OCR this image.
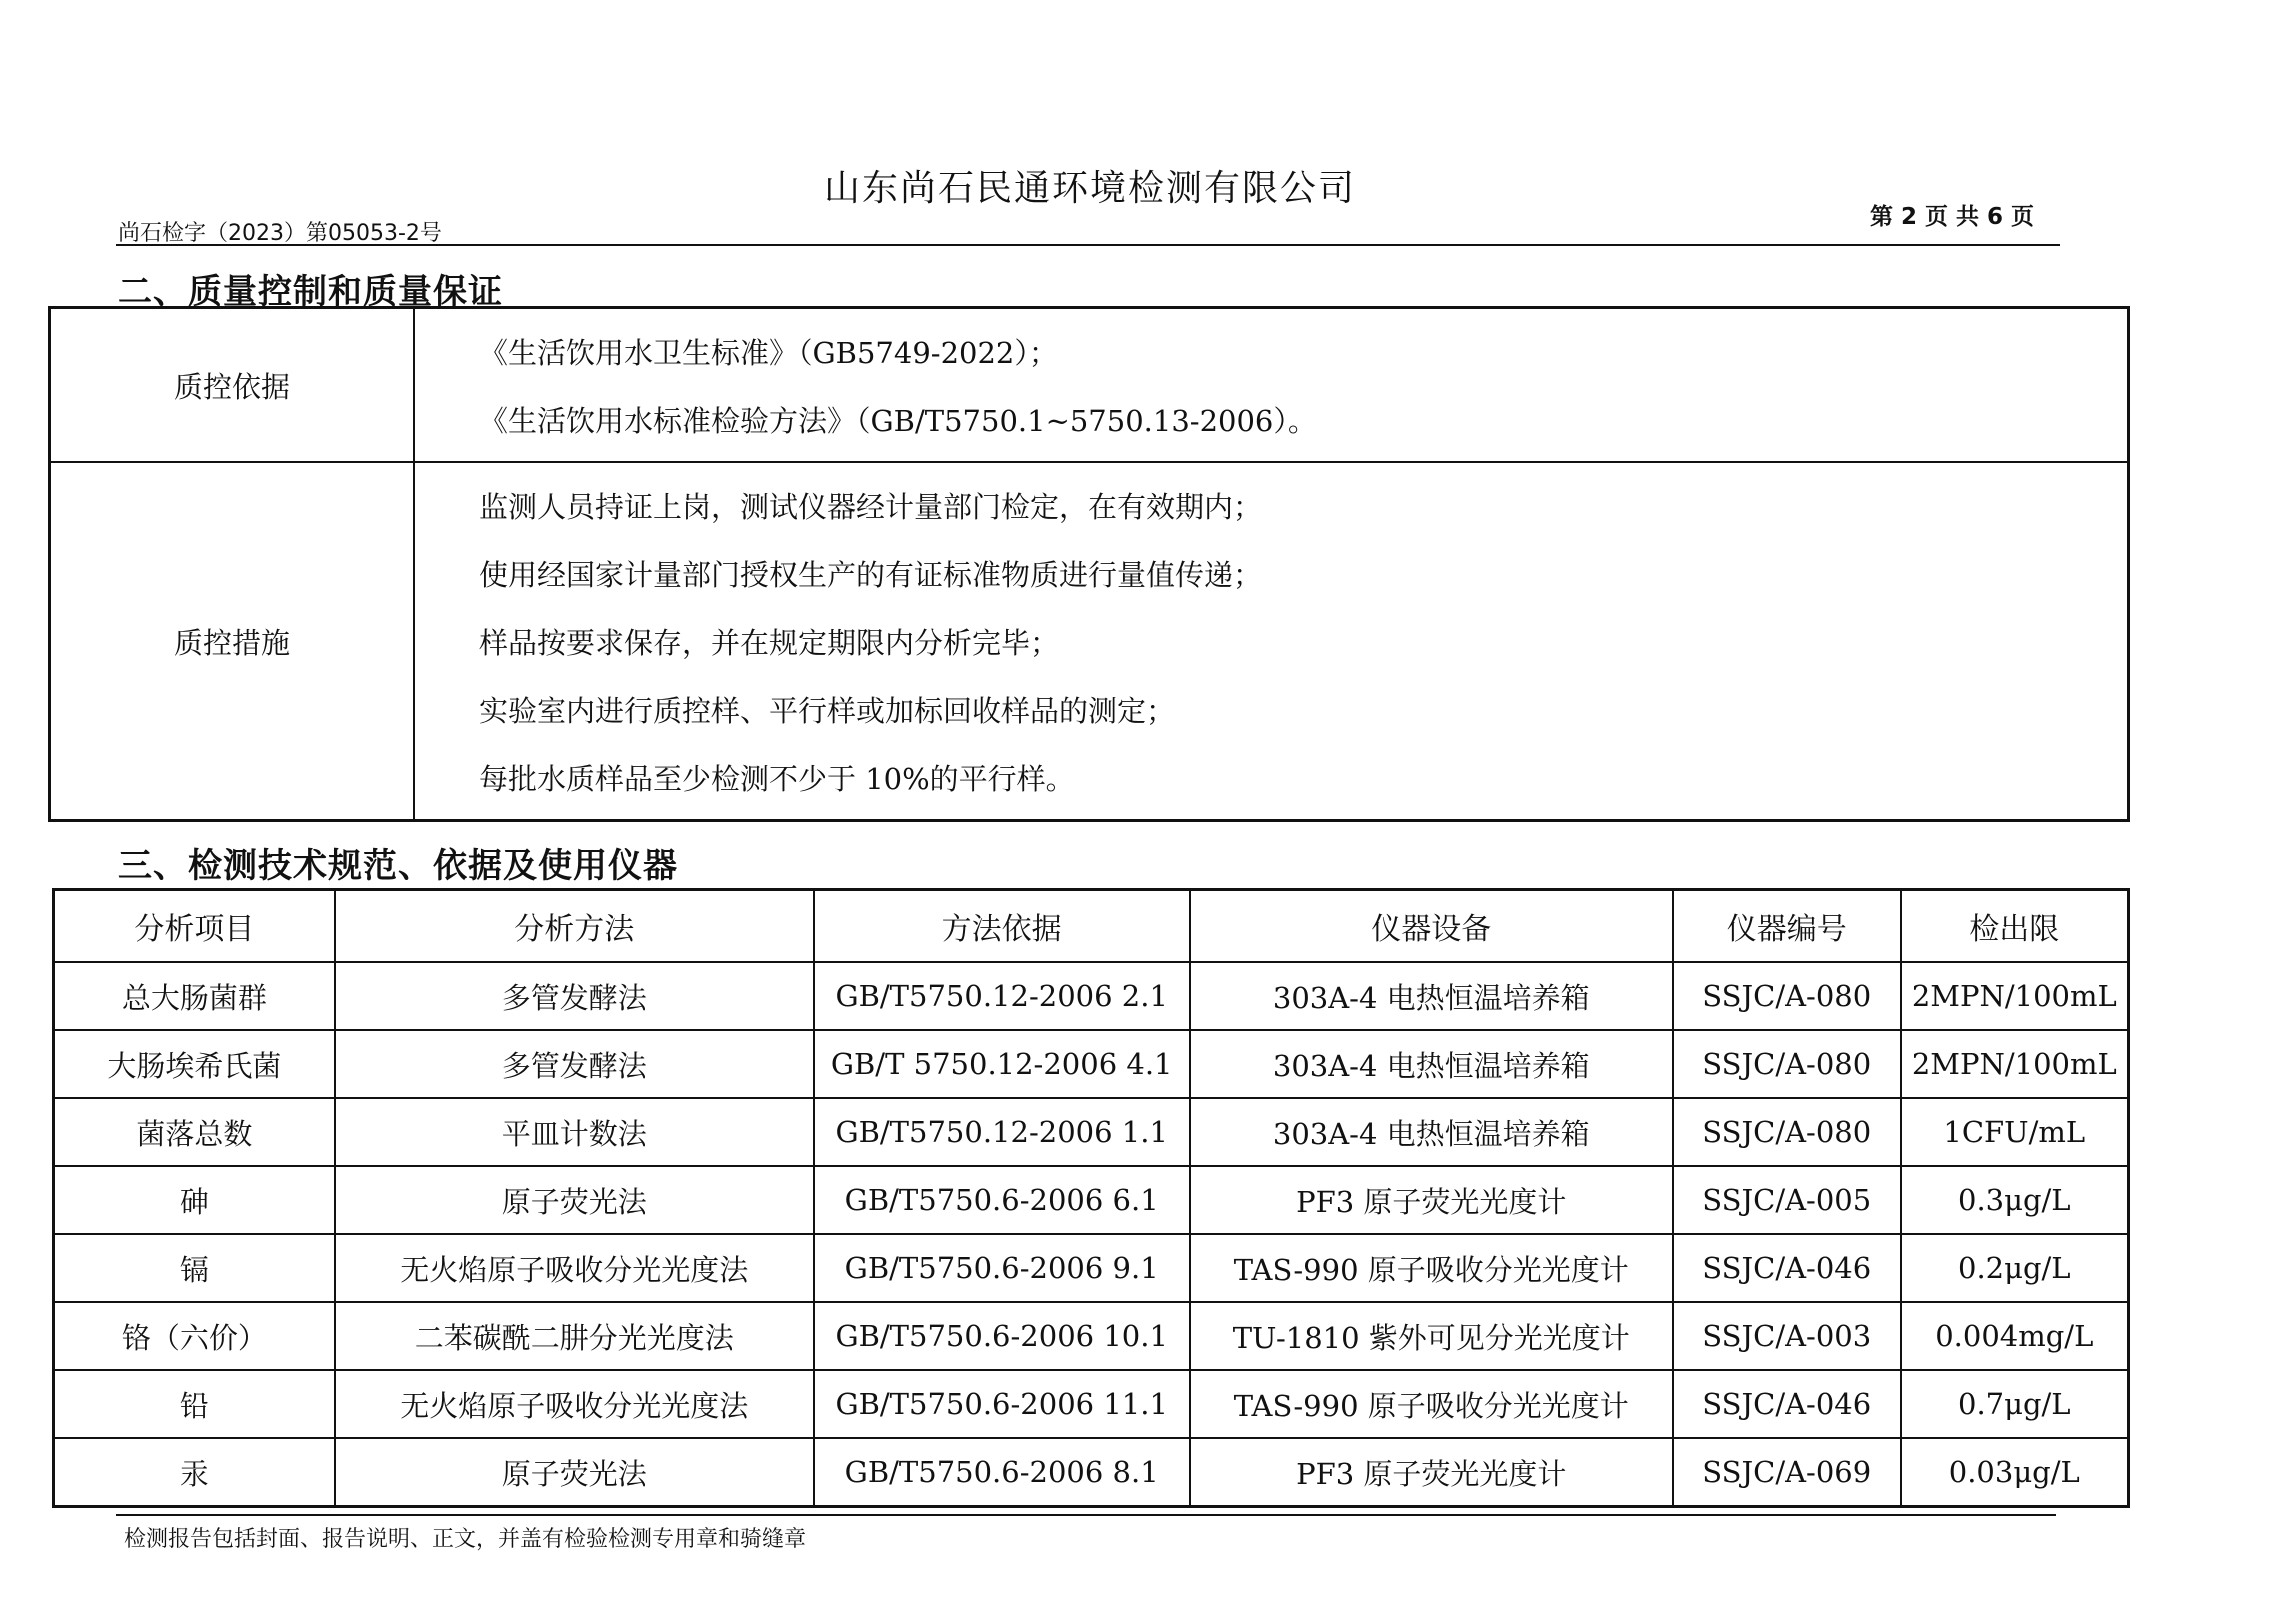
山东尚石民通环境检测有限公司
尚石检字（2023）第05053-2号
第 2 页 共 6 页
二、质量控制和质量保证
质控依据	《生活饮用水卫生标准》（GB5749-2022）；
《生活饮用水标准检验方法》（GB/T5750.1~5750.13-2006）。

质控措施	监测人员持证上岗，测试仪器经计量部门检定，在有效期内；
使用经国家计量部门授权生产的有证标准物质进行量值传递；
样品按要求保存，并在规定期限内分析完毕；
实验室内进行质控样、平行样或加标回收样品的测定；
每批水质样品至少检测不少于 10%的平行样。
三、检测技术规范、依据及使用仪器
分析项目	分析方法	方法依据	仪器设备	仪器编号	检出限
总大肠菌群	多管发酵法	GB/T5750.12-2006 2.1	303A-4 电热恒温培养箱	SSJC/A-080	2MPN/100mL
大肠埃希氏菌	多管发酵法	GB/T 5750.12-2006 4.1	303A-4 电热恒温培养箱	SSJC/A-080	2MPN/100mL
菌落总数	平皿计数法	GB/T5750.12-2006 1.1	303A-4 电热恒温培养箱	SSJC/A-080	1CFU/mL
砷	原子荧光法	GB/T5750.6-2006 6.1	PF3 原子荧光光度计	SSJC/A-005	0.3μg/L
镉	无火焰原子吸收分光光度法	GB/T5750.6-2006 9.1	TAS-990 原子吸收分光光度计	SSJC/A-046	0.2μg/L
铬（六价）	二苯碳酰二肼分光光度法	GB/T5750.6-2006 10.1	TU-1810 紫外可见分光光度计	SSJC/A-003	0.004mg/L
铅	无火焰原子吸收分光光度法	GB/T5750.6-2006 11.1	TAS-990 原子吸收分光光度计	SSJC/A-046	0.7μg/L
汞	原子荧光法	GB/T5750.6-2006 8.1	PF3 原子荧光光度计	SSJC/A-069	0.03μg/L
检测报告包括封面、报告说明、正文，并盖有检验检测专用章和骑缝章
